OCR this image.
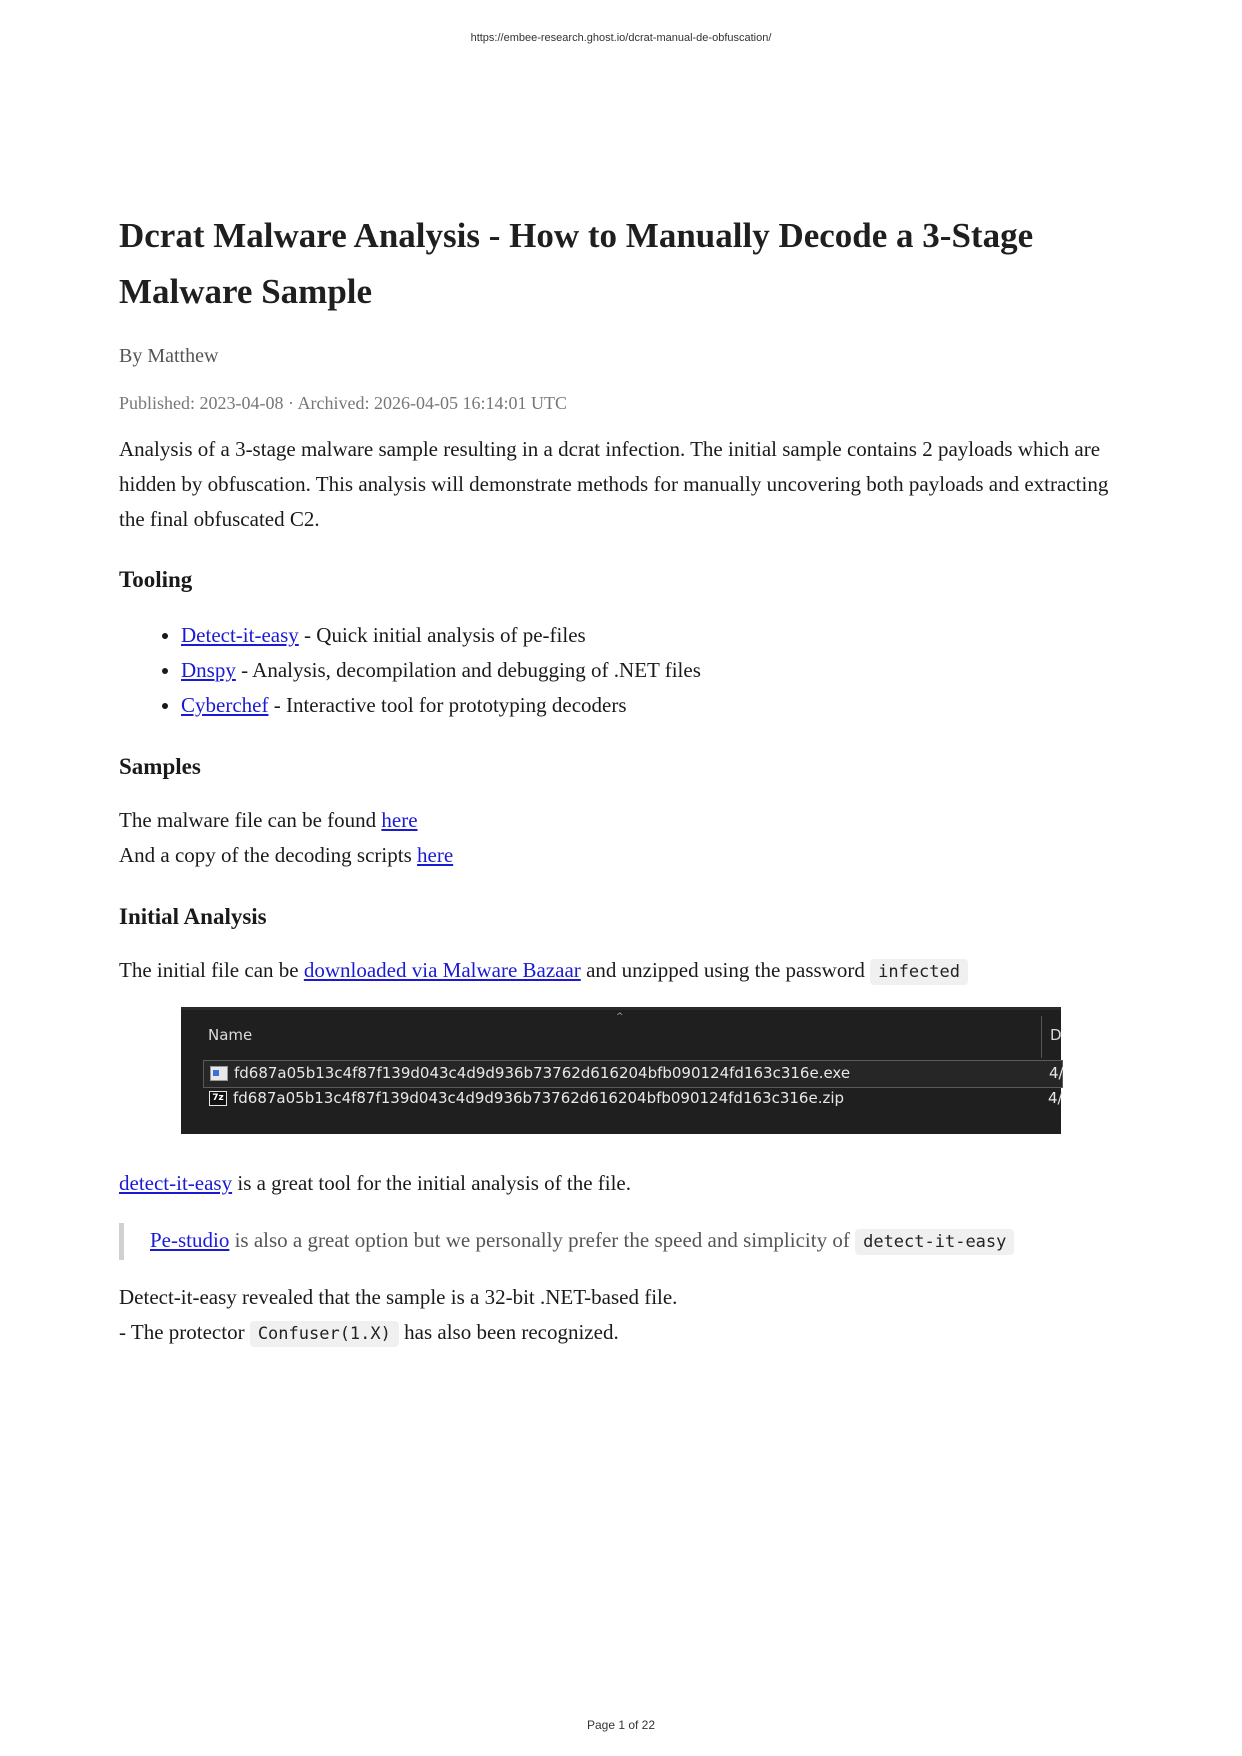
https://embee-research.ghost.io/dcrat-manual-de-obfuscation/
Dcrat Malware Analysis - How to Manually Decode a 3-Stage Malware Sample
By Matthew
Published: 2023-04-08 · Archived: 2026-04-05 16:14:01 UTC

Analysis of a 3-stage malware sample resulting in a dcrat infection. The initial sample contains 2 payloads which are hidden by obfuscation. This analysis will demonstrate methods for manually uncovering both payloads and extracting the final obfuscated C2.

Tooling
• Detect-it-easy - Quick initial analysis of pe-files
• Dnspy - Analysis, decompilation and debugging of .NET files
• Cyberchef - Interactive tool for prototyping decoders
Samples

The malware file can be found here
And a copy of the decoding scripts here

Initial Analysis

The initial file can be downloaded via Malware Bazaar and unzipped using the password infected

^
Name	D
fd687a05b13c4f87f139d043c4d9d936b73762d616204bfb090124fd163c316e.exe	4/
7z fd687a05b13c4f87f139d043c4d9d936b73762d616204bfb090124fd163c316e.zip	4/

detect-it-easy is a great tool for the initial analysis of the file.

Pe-studio is also a great option but we personally prefer the speed and simplicity of detect-it-easy

Detect-it-easy revealed that the sample is a 32-bit .NET-based file.
- The protector Confuser(1.X) has also been recognized.

Page 1 of 22
